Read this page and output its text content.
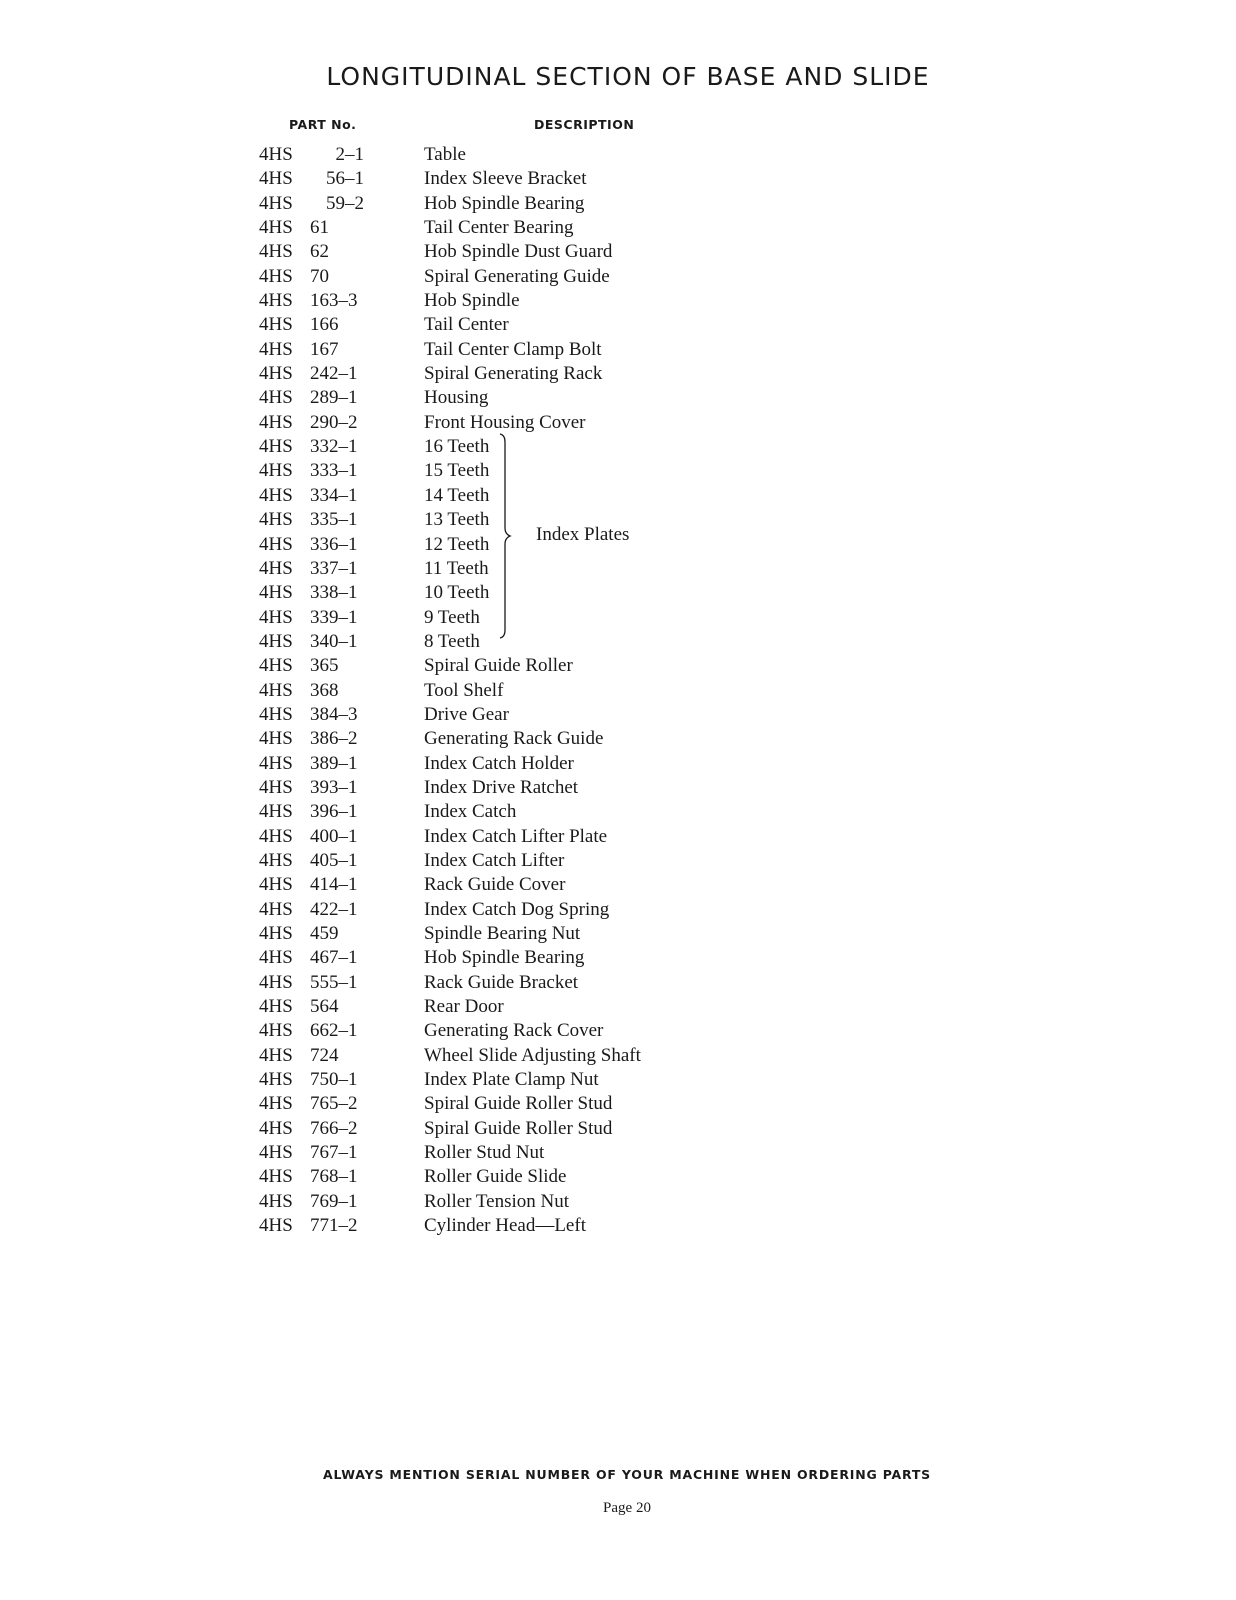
LONGITUDINAL SECTION OF BASE AND SLIDE
PART No.	DESCRIPTION
4HS 2–1	Table
4HS 56–1	Index Sleeve Bracket
4HS 59–2	Hob Spindle Bearing
4HS 61	Tail Center Bearing
4HS 62	Hob Spindle Dust Guard
4HS 70	Spiral Generating Guide
4HS 163–3	Hob Spindle
4HS 166	Tail Center
4HS 167	Tail Center Clamp Bolt
4HS 242–1	Spiral Generating Rack
4HS 289–1	Housing
4HS 290–2	Front Housing Cover
4HS 332–1	16 Teeth
4HS 333–1	15 Teeth
4HS 334–1	14 Teeth
4HS 335–1	13 Teeth
4HS 336–1	12 Teeth
4HS 337–1	11 Teeth
4HS 338–1	10 Teeth
4HS 339–1	9 Teeth
4HS 340–1	8 Teeth
4HS 365	Spiral Guide Roller
4HS 368	Tool Shelf
4HS 384–3	Drive Gear
4HS 386–2	Generating Rack Guide
4HS 389–1	Index Catch Holder
4HS 393–1	Index Drive Ratchet
4HS 396–1	Index Catch
4HS 400–1	Index Catch Lifter Plate
4HS 405–1	Index Catch Lifter
4HS 414–1	Rack Guide Cover
4HS 422–1	Index Catch Dog Spring
4HS 459	Spindle Bearing Nut
4HS 467–1	Hob Spindle Bearing
4HS 555–1	Rack Guide Bracket
4HS 564	Rear Door
4HS 662–1	Generating Rack Cover
4HS 724	Wheel Slide Adjusting Shaft
4HS 750–1	Index Plate Clamp Nut
4HS 765–2	Spiral Guide Roller Stud
4HS 766–2	Spiral Guide Roller Stud
4HS 767–1	Roller Stud Nut
4HS 768–1	Roller Guide Slide
4HS 769–1	Roller Tension Nut
4HS 771–2	Cylinder Head—Left
Index Plates
ALWAYS MENTION SERIAL NUMBER OF YOUR MACHINE WHEN ORDERING PARTS
Page 20
